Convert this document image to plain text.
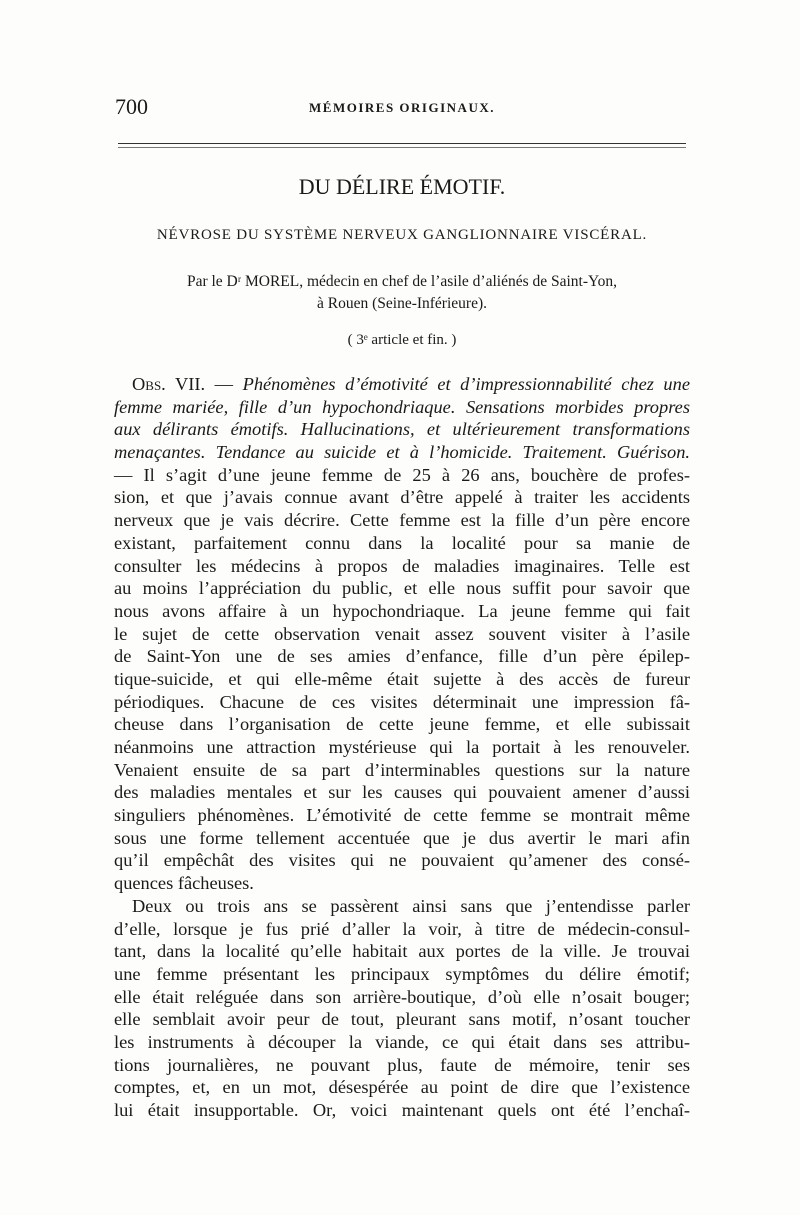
700	MÉMOIRES ORIGINAUX.
DU DÉLIRE ÉMOTIF.
NÉVROSE DU SYSTÈME NERVEUX GANGLIONNAIRE VISCÉRAL.
Par le Dʳ MOREL, médecin en chef de l’asile d’aliénés de Saint-Yon,
à Rouen (Seine-Inférieure).
( 3ᵉ article et fin. )
Obs. VII. — Phénomènes d’émotivité et d’impressionnabilité chez une
femme mariée, fille d’un hypochondriaque. Sensations morbides propres
aux délirants émotifs. Hallucinations, et ultérieurement transformations
menaçantes. Tendance au suicide et à l’homicide. Traitement. Guérison.
— Il s’agit d’une jeune femme de 25 à 26 ans, bouchère de profes-
sion, et que j’avais connue avant d’être appelé à traiter les accidents
nerveux que je vais décrire. Cette femme est la fille d’un père encore
existant, parfaitement connu dans la localité pour sa manie de
consulter les médecins à propos de maladies imaginaires. Telle est
au moins l’appréciation du public, et elle nous suffit pour savoir que
nous avons affaire à un hypochondriaque. La jeune femme qui fait
le sujet de cette observation venait assez souvent visiter à l’asile
de Saint-Yon une de ses amies d’enfance, fille d’un père épilep-
tique-suicide, et qui elle-même était sujette à des accès de fureur
périodiques. Chacune de ces visites déterminait une impression fâ-
cheuse dans l’organisation de cette jeune femme, et elle subissait
néanmoins une attraction mystérieuse qui la portait à les renouveler.
Venaient ensuite de sa part d’interminables questions sur la nature
des maladies mentales et sur les causes qui pouvaient amener d’aussi
singuliers phénomènes. L’émotivité de cette femme se montrait même
sous une forme tellement accentuée que je dus avertir le mari afin
qu’il empêchât des visites qui ne pouvaient qu’amener des consé-
quences fâcheuses.
Deux ou trois ans se passèrent ainsi sans que j’entendisse parler
d’elle, lorsque je fus prié d’aller la voir, à titre de médecin-consul-
tant, dans la localité qu’elle habitait aux portes de la ville. Je trouvai
une femme présentant les principaux symptômes du délire émotif;
elle était reléguée dans son arrière-boutique, d’où elle n’osait bouger;
elle semblait avoir peur de tout, pleurant sans motif, n’osant toucher
les instruments à découper la viande, ce qui était dans ses attribu-
tions journalières, ne pouvant plus, faute de mémoire, tenir ses
comptes, et, en un mot, désespérée au point de dire que l’existence
lui était insupportable. Or, voici maintenant quels ont été l’enchaî-
